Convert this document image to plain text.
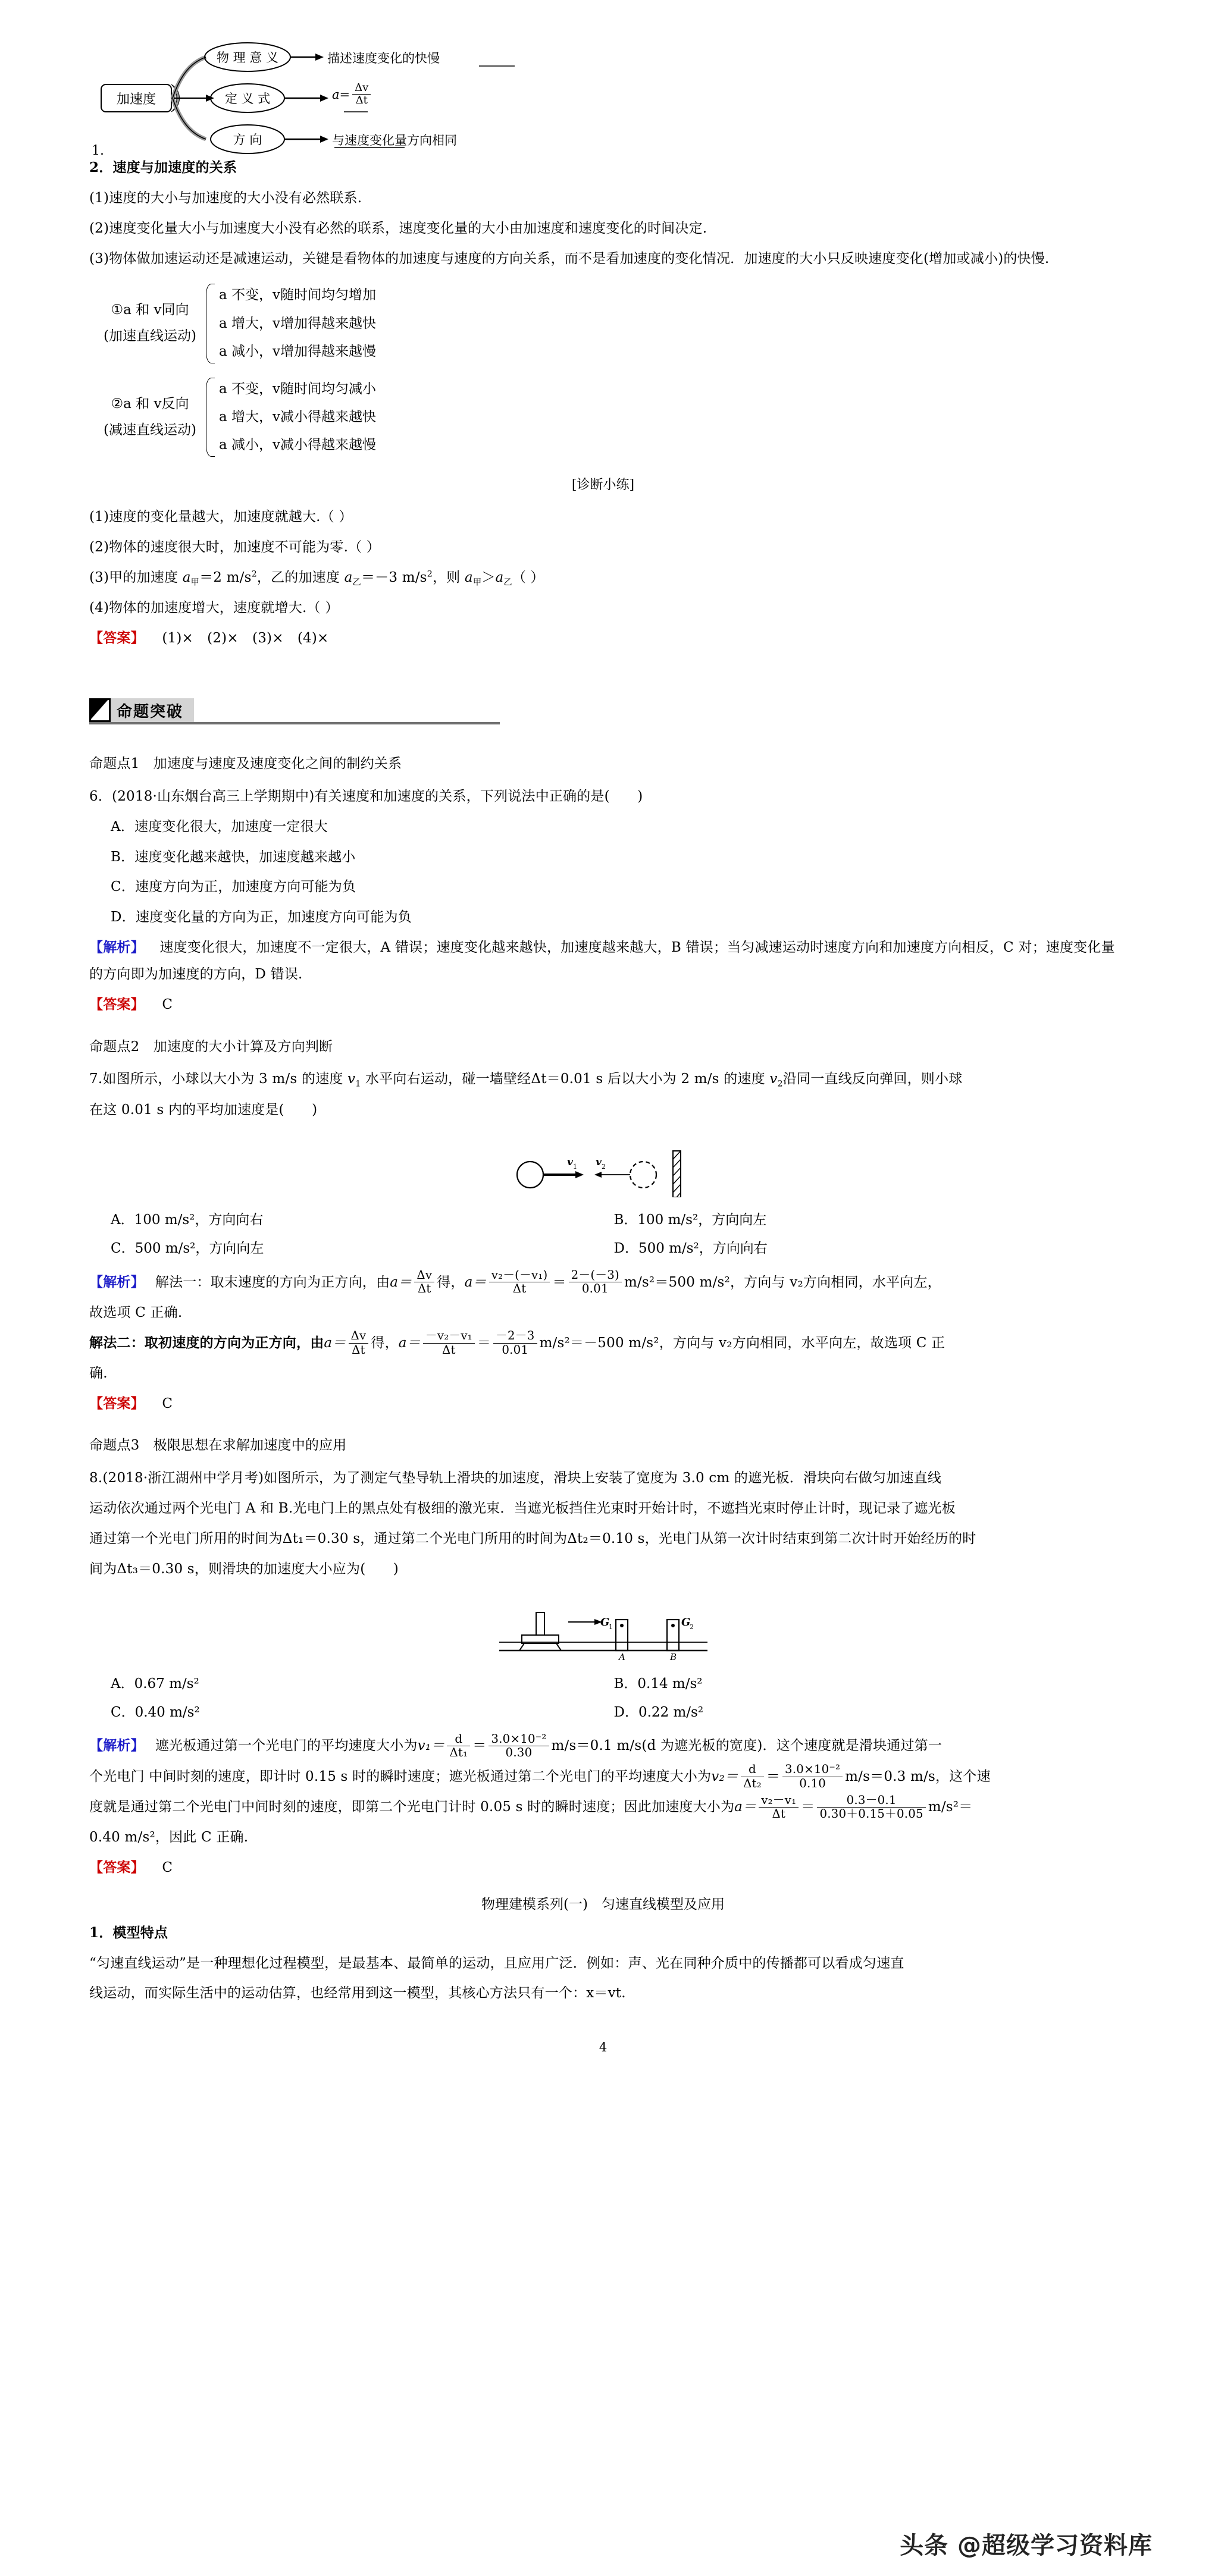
加速度
物 理 意 义	描述速度变化的快慢
定 义 式	$a= \frac{\Delta v}{\Delta t}$
方 向	与速度变化量方向相同
1.

2．速度与加速度的关系

(1)速度的大小与加速度的大小没有必然联系.

(2)速度变化量大小与加速度大小没有必然的联系，速度变化量的大小由加速度和速度变化的时间决定.

(3)物体做加速运动还是减速运动，关键是看物体的加速度与速度的方向关系，而不是看加速度的变化情况．加速度的大小只反映速度变化(增加或减小)的快慢.

①a 和 v同向
(加速直线运动)
a 不变，v随时间均匀增加
a 增大，v增加得越来越快
a 减小，v增加得越来越慢
②a 和 v反向
(减速直线运动)
a 不变，v随时间均匀减小
a 增大，v减小得越来越快
a 减小，v减小得越来越慢
[诊断小练]

(1)速度的变化量越大，加速度就越大.（ ）

(2)物体的速度很大时，加速度不可能为零.（ ）

(3)甲的加速度 $a_甲=2$ $m/s^2$，乙的加速度 $a_乙=-3$ $m/s^2$，则 $a_甲>a_乙$（ ）

(4)物体的加速度增大，速度就增大.（ ）

【答案】 (1)×　(2)×　(3)×　(4)×

命题突破

命题点1　加速度与速度及速度变化之间的制约关系

6．(2018·山东烟台高三上学期期中)有关速度和加速度的关系，下列说法中正确的是(　　)

A．速度变化很大，加速度一定很大

B．速度变化越来越快，加速度越来越小

C．速度方向为正，加速度方向可能为负

D．速度变化量的方向为正，加速度方向可能为负

【解析】 速度变化很大，加速度不一定很大，A 错误；速度变化越来越快，加速度越来越大，B 错误；当匀减速运动时速度方向和加速度方向相反，C 对；速度变化量的方向即为加速度的方向，D 错误.

【答案】 C

命题点2　加速度的大小计算及方向判断

7.如图所示，小球以大小为 3 m/s 的速度 $v_1$ 水平向右运动，碰一墙壁经Δt＝0.01 s 后以大小为 2 m/s 的速度 $v_2$沿同一直线反向弹回，则小球

在这 0.01 s 内的平均加速度是(　　)

v 1 v 2
A．100 m/s²，方向向右	B．100 m/s²，方向向左
C．500 m/s²，方向向左	D．500 m/s²，方向向右

【解析】 解法一：取末速度的方向为正方向，由 $a= \frac{\Delta v}{\Delta t}$ 得， $a= \frac{\text{v₂－(－v₁)}}{\Delta t} = \frac{2-(-3)}{0.01} m/s^2=500$ m/s²，方向与 v₂方向相同，水平向左，

故选项 C 正确.

解法二：取初速度的方向为正方向，由 $a= \frac{\Delta v}{\Delta t}$ 得， $a= \frac{\text{－v₂－v₁}}{\Delta t} = \frac{-2-3}{0.01} m/s^2=-500$ m/s²，方向与 v₂方向相同，水平向左，故选项 C 正

确.

【答案】 C

命题点3　极限思想在求解加速度中的应用

8.(2018·浙江湖州中学月考)如图所示，为了测定气垫导轨上滑块的加速度，滑块上安装了宽度为 3.0 cm 的遮光板．滑块向右做匀加速直线

运动依次通过两个光电门 A 和 B.光电门上的黑点处有极细的激光束．当遮光板挡住光束时开始计时，不遮挡光束时停止计时，现记录了遮光板

通过第一个光电门所用的时间为Δt₁＝0.30 s，通过第二个光电门所用的时间为Δt₂＝0.10 s，光电门从第一次计时结束到第二次计时开始经历的时

间为Δt₃＝0.30 s，则滑块的加速度大小应为(　　)

G
1
A
G
2
B
A．0.67 m/s²	B．0.14 m/s²
C．0.40 m/s²	D．0.22 m/s²

【解析】 遮光板通过第一个光电门的平均速度大小为 $v_1= \frac{d}{\text{Δt₁}} = \frac{\text{3.0×10⁻²}}{0.30} m/s=0.1$ m/s(d 为遮光板的宽度)．这个速度就是滑块通过第一

个光电门 中间时刻的速度，即计时 0.15 s 时的瞬时速度；遮光板通过第二个光电门的平均速度大小为 $v_2= \frac{d}{\text{Δt₂}} = \frac{\text{3.0×10⁻²}}{0.10} m/s=0.3$ m/s，这个速

度就是通过第二个光电门中间时刻的速度，即第二个光电门计时 0.05 s 时的瞬时速度；因此加速度大小为 $a= \frac{\text{v₂－v₁}}{\Delta t} = \frac{0.3-0.1}{0.30+0.15+0.05} m/s^2=$

0.40 m/s²，因此 C 正确.

【答案】 C

物理建模系列(一)　匀速直线模型及应用

1．模型特点

“匀速直线运动”是一种理想化过程模型，是最基本、最简单的运动，且应用广泛．例如：声、光在同种介质中的传播都可以看成匀速直

线运动，而实际生活中的运动估算，也经常用到这一模型，其核心方法只有一个：x＝vt.

4
头条 @超级学习资料库
